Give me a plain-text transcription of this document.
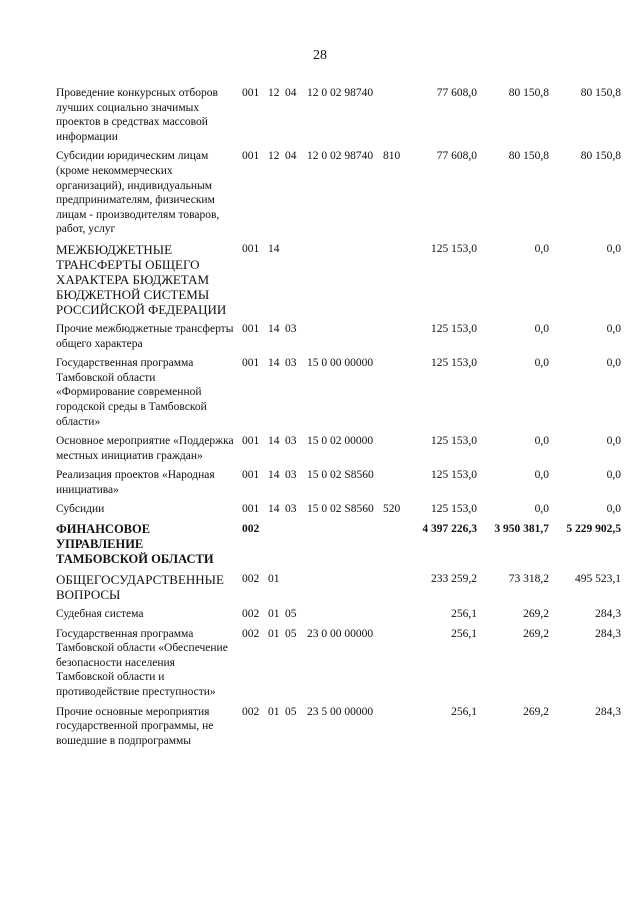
28
Проведение конкурсных отборов лучших социально значимых проектов в средствах массовой информации	001	12	04	12 0 02 98740		77 608,0	80 150,8	80 150,8
Субсидии юридическим лицам (кроме некоммерческих организаций), индивидуальным предпринимателям, физическим лицам - производителям товаров, работ, услуг	001	12	04	12 0 02 98740	810	77 608,0	80 150,8	80 150,8
МЕЖБЮДЖЕТНЫЕ ТРАНСФЕРТЫ ОБЩЕГО ХАРАКТЕРА БЮДЖЕТАМ БЮДЖЕТНОЙ СИСТЕМЫ РОССИЙСКОЙ ФЕДЕРАЦИИ	001	14				125 153,0	0,0	0,0
Прочие межбюджетные трансферты общего характера	001	14	03			125 153,0	0,0	0,0
Государственная программа Тамбовской области «Формирование современной городской среды в Тамбовской области»	001	14	03	15 0 00 00000		125 153,0	0,0	0,0
Основное мероприятие «Поддержка местных инициатив граждан»	001	14	03	15 0 02 00000		125 153,0	0,0	0,0
Реализация проектов «Народная инициатива»	001	14	03	15 0 02 S8560		125 153,0	0,0	0,0
Субсидии	001	14	03	15 0 02 S8560	520	125 153,0	0,0	0,0
ФИНАНСОВОЕ УПРАВЛЕНИЕ ТАМБОВСКОЙ ОБЛАСТИ	002					4 397 226,3	3 950 381,7	5 229 902,5
ОБЩЕГОСУДАРСТВЕННЫЕ ВОПРОСЫ	002	01				233 259,2	73 318,2	495 523,1
Судебная система	002	01	05			256,1	269,2	284,3
Государственная программа Тамбовской области «Обеспечение безопасности населения Тамбовской области и противодействие преступности»	002	01	05	23 0 00 00000		256,1	269,2	284,3
Прочие основные мероприятия государственной программы, не вошедшие в подпрограммы	002	01	05	23 5 00 00000		256,1	269,2	284,3
